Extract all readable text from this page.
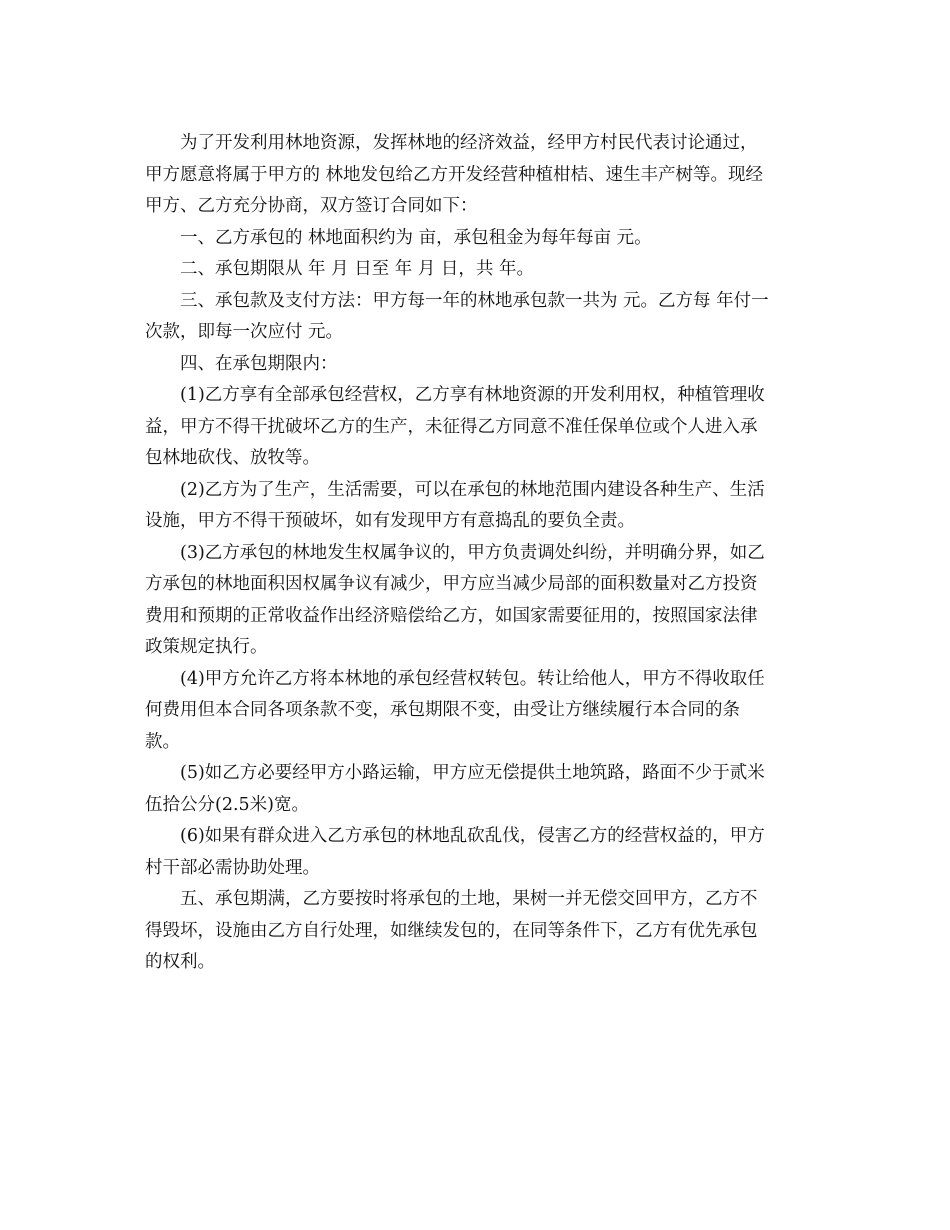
为了开发利用林地资源，发挥林地的经济效益，经甲方村民代表讨论通过，
甲方愿意将属于甲方的 林地发包给乙方开发经营种植柑桔、速生丰产树等。现经
甲方、乙方充分协商，双方签订合同如下：

一、乙方承包的 林地面积约为 亩，承包租金为每年每亩 元。

二、承包期限从 年 月 日至 年 月 日，共 年。

三、承包款及支付方法：甲方每一年的林地承包款一共为 元。乙方每 年付一
次款，即每一次应付 元。

四、在承包期限内：

(1)乙方享有全部承包经营权，乙方享有林地资源的开发利用权，种植管理收
益，甲方不得干扰破坏乙方的生产，未征得乙方同意不准任保单位或个人进入承
包林地砍伐、放牧等。

(2)乙方为了生产，生活需要，可以在承包的林地范围内建设各种生产、生活
设施，甲方不得干预破坏，如有发现甲方有意捣乱的要负全责。

(3)乙方承包的林地发生权属争议的，甲方负责调处纠纷，并明确分界，如乙
方承包的林地面积因权属争议有减少，甲方应当减少局部的面积数量对乙方投资
费用和预期的正常收益作出经济赔偿给乙方，如国家需要征用的，按照国家法律
政策规定执行。

(4)甲方允许乙方将本林地的承包经营权转包。转让给他人，甲方不得收取任
何费用但本合同各项条款不变，承包期限不变，由受让方继续履行本合同的条
款。

(5)如乙方必要经甲方小路运输，甲方应无偿提供土地筑路，路面不少于贰米
伍拾公分(2.5米)宽。

(6)如果有群众进入乙方承包的林地乱砍乱伐，侵害乙方的经营权益的，甲方
村干部必需协助处理。

五、承包期满，乙方要按时将承包的土地，果树一并无偿交回甲方，乙方不
得毁坏，设施由乙方自行处理，如继续发包的，在同等条件下，乙方有优先承包
的权利。
